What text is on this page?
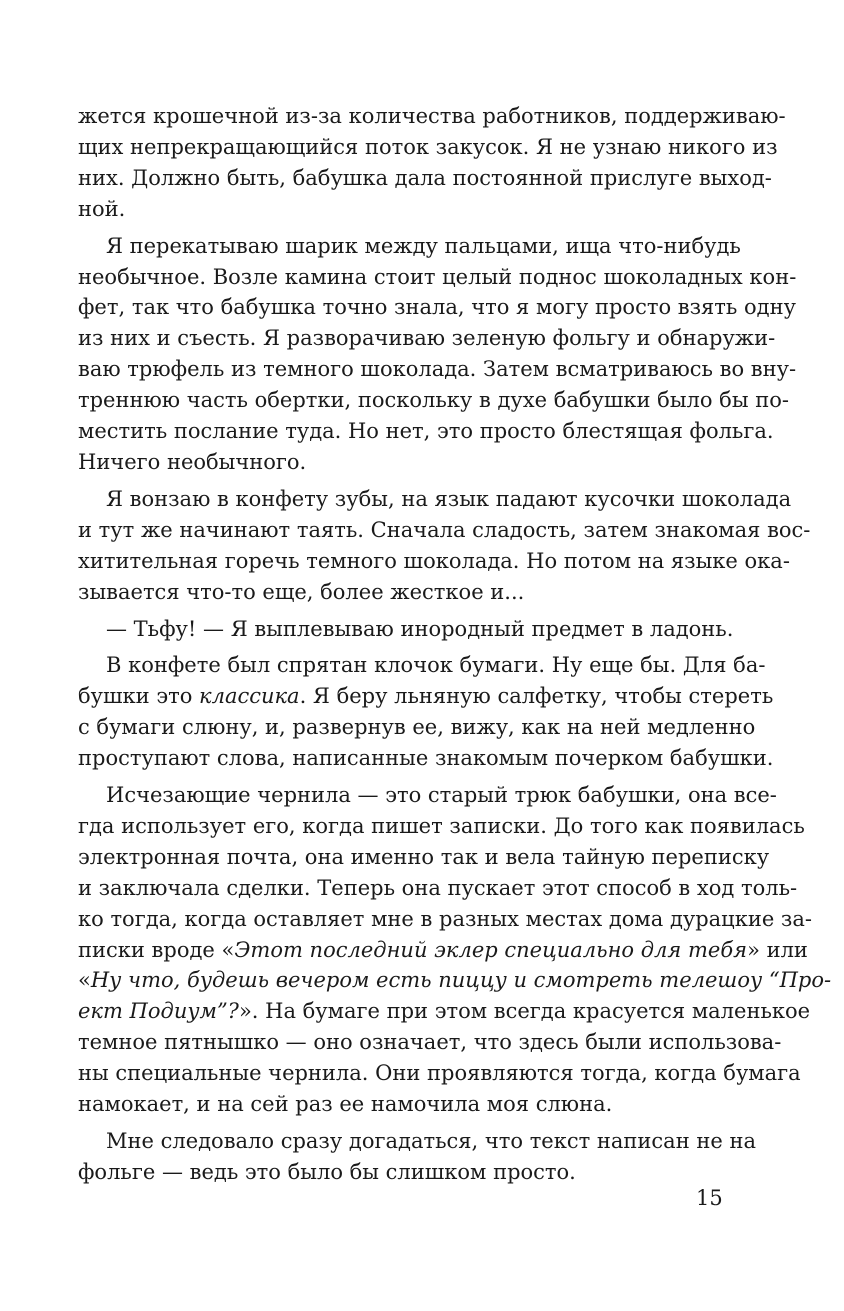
жется крошечной из-за количества работников, поддерживаю-
щих непрекращающийся поток закусок. Я не узнаю никого из
них. Должно быть, бабушка дала постоянной прислуге выход-
ной.
Я перекатываю шарик между пальцами, ища что-нибудь
необычное. Возле камина стоит целый поднос шоколадных кон-
фет, так что бабушка точно знала, что я могу просто взять одну
из них и съесть. Я разворачиваю зеленую фольгу и обнаружи-
ваю трюфель из темного шоколада. Затем всматриваюсь во вну-
треннюю часть обертки, поскольку в духе бабушки было бы по-
местить послание туда. Но нет, это просто блестящая фольга.
Ничего необычного.
Я вонзаю в конфету зубы, на язык падают кусочки шоколада
и тут же начинают таять. Сначала сладость, затем знакомая вос-
хитительная горечь темного шоколада. Но потом на языке ока-
зывается что-то еще, более жесткое и...
— Тьфу! — Я выплевываю инородный предмет в ладонь.
В конфете был спрятан клочок бумаги. Ну еще бы. Для ба-
бушки это классика. Я беру льняную салфетку, чтобы стереть
с бумаги слюну, и, развернув ее, вижу, как на ней медленно
проступают слова, написанные знакомым почерком бабушки.
Исчезающие чернила — это старый трюк бабушки, она все-
гда использует его, когда пишет записки. До того как появилась
электронная почта, она именно так и вела тайную переписку
и заключала сделки. Теперь она пускает этот способ в ход толь-
ко тогда, когда оставляет мне в разных местах дома дурацкие за-
писки вроде «Этот последний эклер специально для тебя» или
«Ну что, будешь вечером есть пиццу и смотреть телешоу “Про-
ект Подиум”?». На бумаге при этом всегда красуется маленькое
темное пятнышко — оно означает, что здесь были использова-
ны специальные чернила. Они проявляются тогда, когда бумага
намокает, и на сей раз ее намочила моя слюна.
Мне следовало сразу догадаться, что текст написан не на
фольге — ведь это было бы слишком просто.
15
